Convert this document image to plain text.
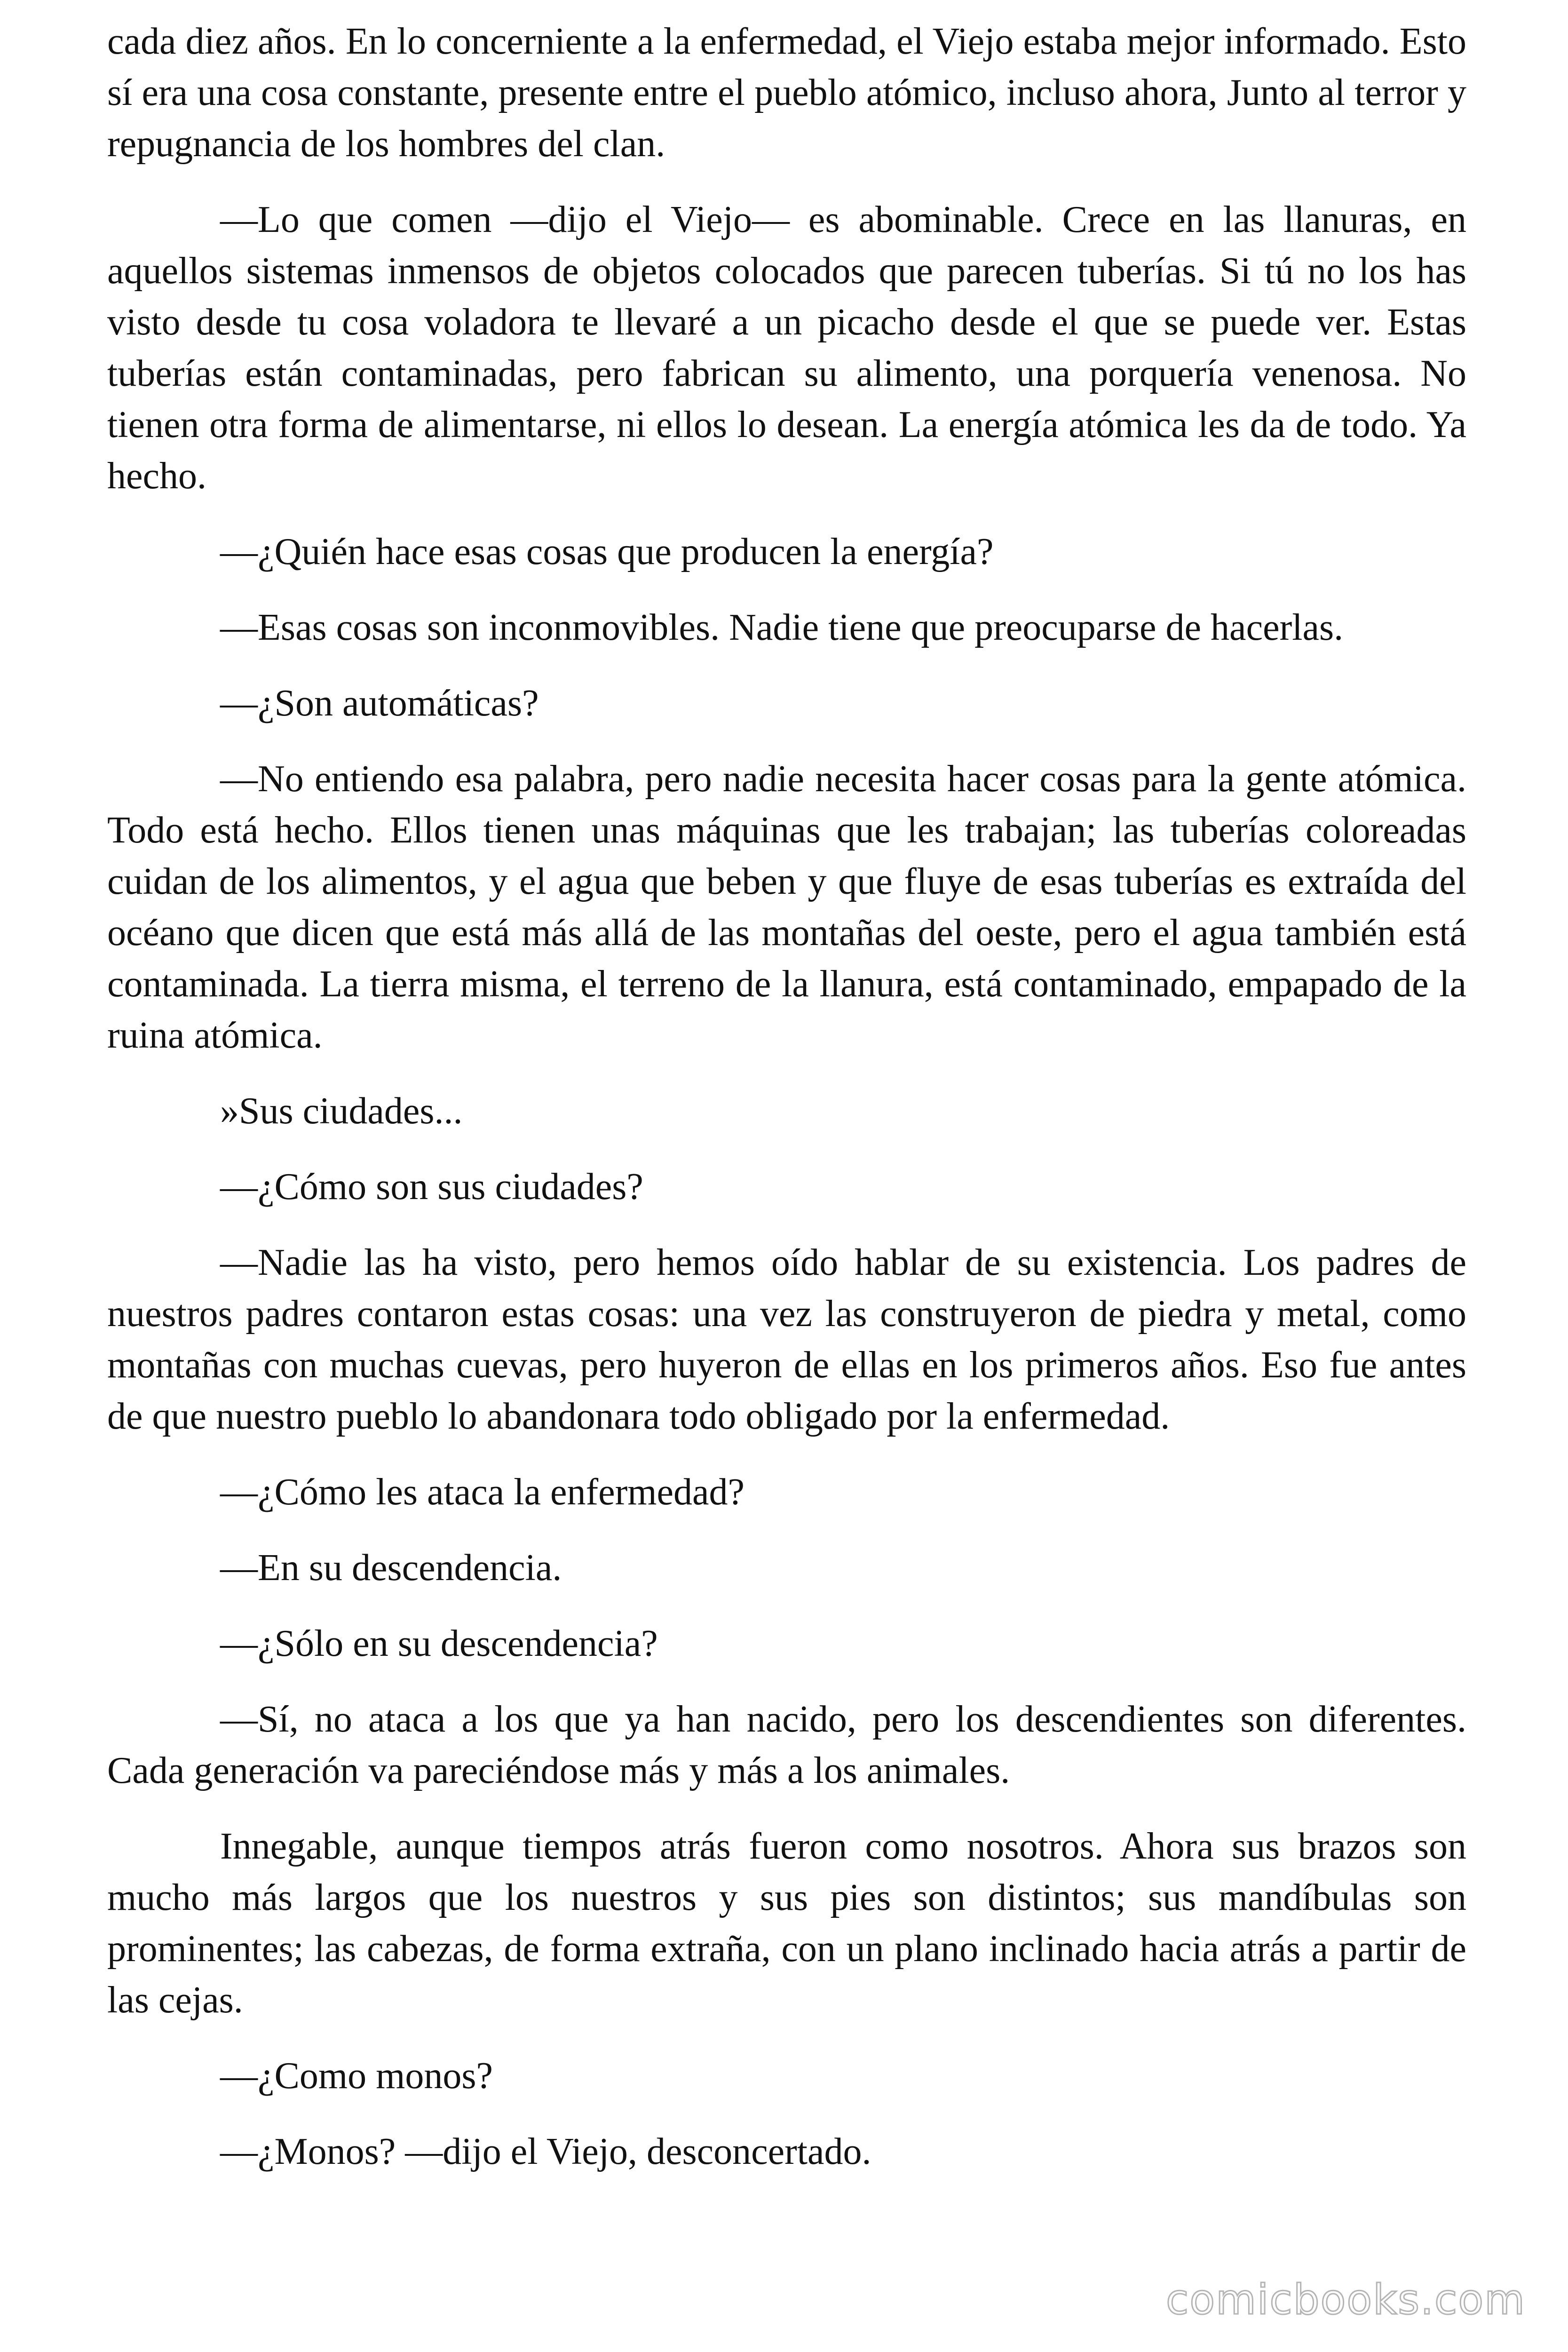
cada diez años. En lo concerniente a la enfermedad, el Viejo estaba mejor informado. Esto sí era una cosa constante, presente entre el pueblo atómico, incluso ahora, Junto al terror y repugnancia de los hombres del clan.

—Lo que comen —dijo el Viejo— es abominable. Crece en las llanuras, en aquellos sistemas inmensos de objetos colocados que parecen tuberías. Si tú no los has visto desde tu cosa voladora te llevaré a un picacho desde el que se puede ver. Estas tuberías están contaminadas, pero fabrican su alimento, una porquería venenosa. No tienen otra forma de alimentarse, ni ellos lo desean. La energía atómica les da de todo. Ya hecho.

—¿Quién hace esas cosas que producen la energía?

—Esas cosas son inconmovibles. Nadie tiene que preocuparse de hacerlas.

—¿Son automáticas?

—No entiendo esa palabra, pero nadie necesita hacer cosas para la gente atómica. Todo está hecho. Ellos tienen unas máquinas que les trabajan; las tuberías coloreadas cuidan de los alimentos, y el agua que beben y que fluye de esas tuberías es extraída del océano que dicen que está más allá de las montañas del oeste, pero el agua también está contaminada. La tierra misma, el terreno de la llanura, está contaminado, empapado de la ruina atómica.

»Sus ciudades...

—¿Cómo son sus ciudades?

—Nadie las ha visto, pero hemos oído hablar de su existencia. Los padres de nuestros padres contaron estas cosas: una vez las construyeron de piedra y metal, como montañas con muchas cuevas, pero huyeron de ellas en los primeros años. Eso fue antes de que nuestro pueblo lo abandonara todo obligado por la enfermedad.

—¿Cómo les ataca la enfermedad?

—En su descendencia.

—¿Sólo en su descendencia?

—Sí, no ataca a los que ya han nacido, pero los descendientes son diferentes. Cada generación va pareciéndose más y más a los animales.

Innegable, aunque tiempos atrás fueron como nosotros. Ahora sus brazos son mucho más largos que los nuestros y sus pies son distintos; sus mandíbulas son prominentes; las cabezas, de forma extraña, con un plano inclinado hacia atrás a partir de las cejas.

—¿Como monos?

—¿Monos? —dijo el Viejo, desconcertado.

comicbooks.com
